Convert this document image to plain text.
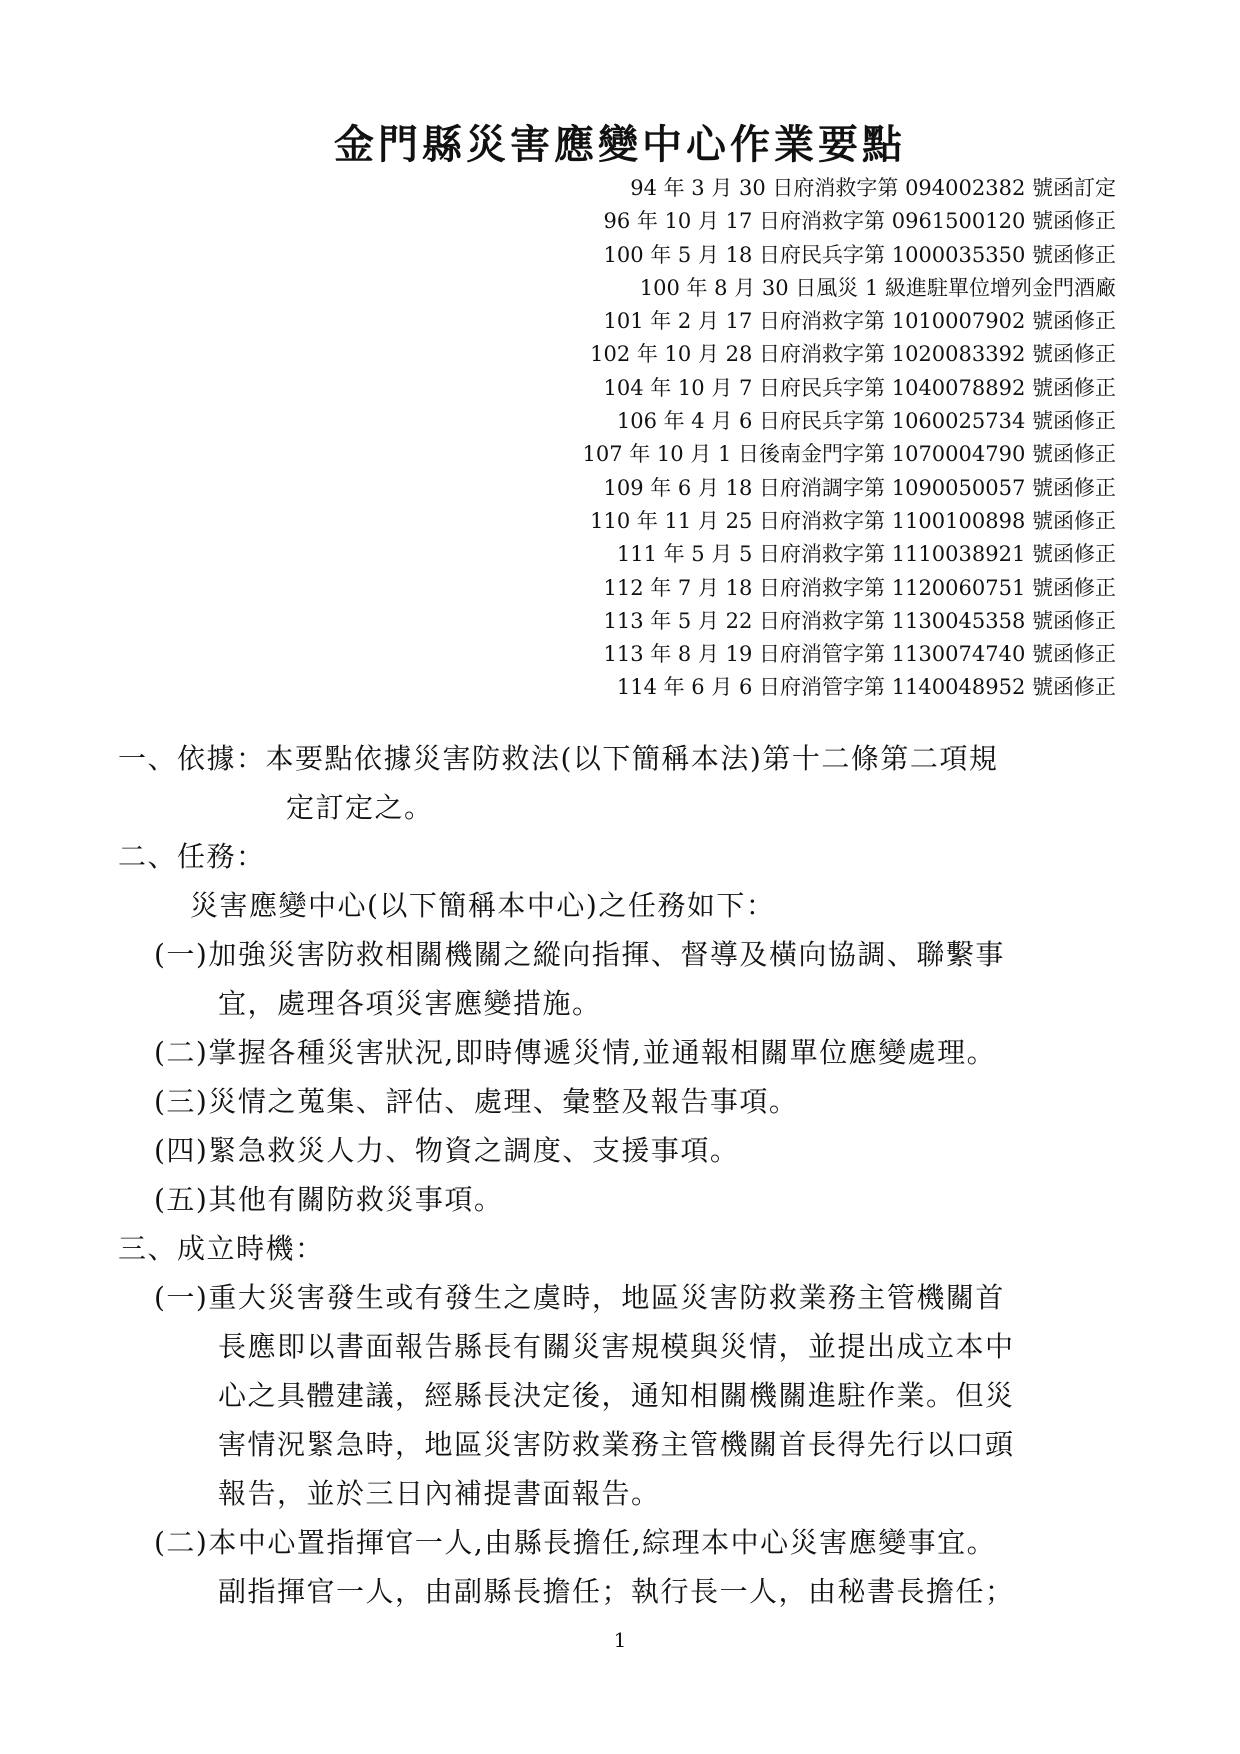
金門縣災害應變中心作業要點
94 年 3 月 30 日府消救字第 094002382 號函訂定
96 年 10 月 17 日府消救字第 0961500120 號函修正
100 年 5 月 18 日府民兵字第 1000035350 號函修正
100 年 8 月 30 日風災 1 級進駐單位增列金門酒廠
101 年 2 月 17 日府消救字第 1010007902 號函修正
102 年 10 月 28 日府消救字第 1020083392 號函修正
104 年 10 月 7 日府民兵字第 1040078892 號函修正
106 年 4 月 6 日府民兵字第 1060025734 號函修正
107 年 10 月 1 日後南金門字第 1070004790 號函修正
109 年 6 月 18 日府消調字第 1090050057 號函修正
110 年 11 月 25 日府消救字第 1100100898 號函修正
111 年 5 月 5 日府消救字第 1110038921 號函修正
112 年 7 月 18 日府消救字第 1120060751 號函修正
113 年 5 月 22 日府消救字第 1130045358 號函修正
113 年 8 月 19 日府消管字第 1130074740 號函修正
114 年 6 月 6 日府消管字第 1140048952 號函修正

一、依據：本要點依據災害防救法(以下簡稱本法)第十二條第二項規

定訂定之。

二、任務：

災害應變中心(以下簡稱本中心)之任務如下：

(一)加強災害防救相關機關之縱向指揮、督導及橫向協調、聯繫事

宜，處理各項災害應變措施。

(二)掌握各種災害狀況,即時傳遞災情,並通報相關單位應變處理。

(三)災情之蒐集、評估、處理、彙整及報告事項。

(四)緊急救災人力、物資之調度、支援事項。

(五)其他有關防救災事項。

三、成立時機：

(一)重大災害發生或有發生之虞時，地區災害防救業務主管機關首

長應即以書面報告縣長有關災害規模與災情，並提出成立本中

心之具體建議，經縣長決定後，通知相關機關進駐作業。但災

害情況緊急時，地區災害防救業務主管機關首長得先行以口頭

報告，並於三日內補提書面報告。

(二)本中心置指揮官一人,由縣長擔任,綜理本中心災害應變事宜。

副指揮官一人，由副縣長擔任；執行長一人，由秘書長擔任；

1
